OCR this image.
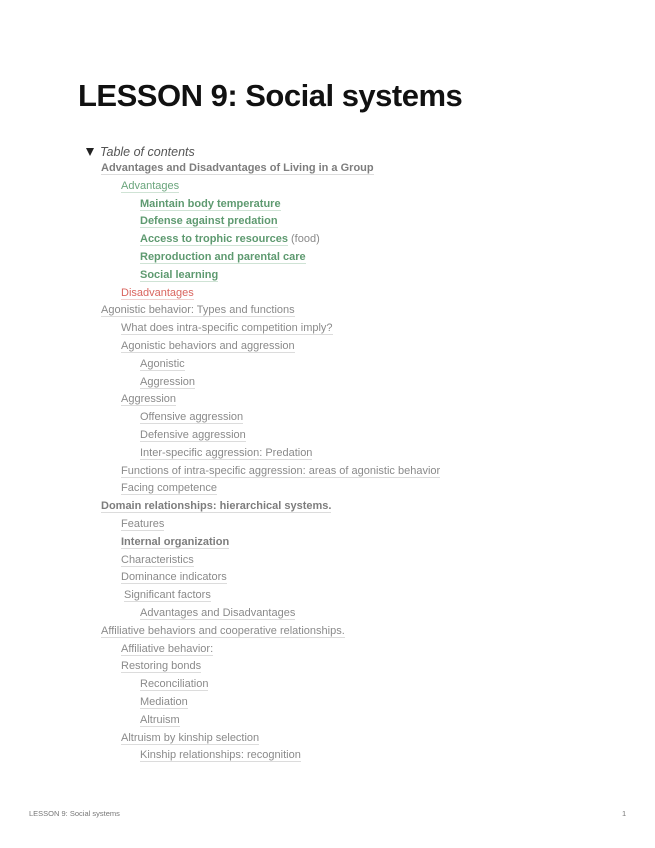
LESSON 9: Social systems
Table of contents
Advantages and Disadvantages of Living in a Group
Advantages
Maintain body temperature
Defense against predation
Access to trophic resources (food)
Reproduction and parental care
Social learning
Disadvantages
Agonistic behavior: Types and functions
What does intra-specific competition imply?
Agonistic behaviors and aggression
Agonistic
Aggression
Aggression
Offensive aggression
Defensive aggression
Inter-specific aggression: Predation
Functions of intra-specific aggression: areas of agonistic behavior
Facing competence
Domain relationships: hierarchical systems.
Features
Internal organization
Characteristics
Dominance indicators
Significant factors
Advantages and Disadvantages
Affiliative behaviors and cooperative relationships.
Affiliative behavior:
Restoring bonds
Reconciliation
Mediation
Altruism
Altruism by kinship selection
Kinship relationships: recognition
LESSON 9: Social systems	1
